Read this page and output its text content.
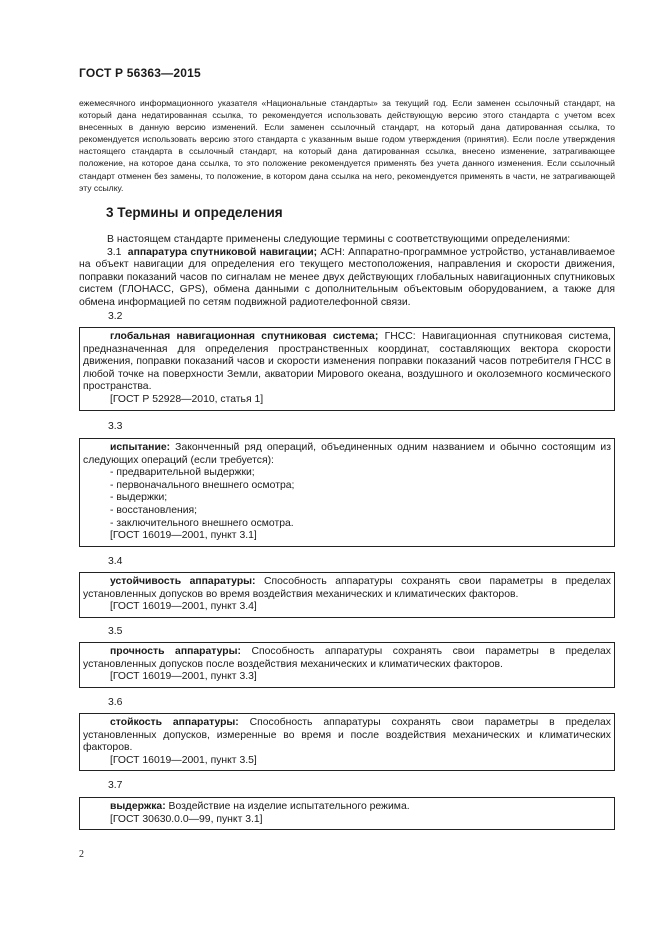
ГОСТ Р 56363—2015

ежемесячного информационного указателя «Национальные стандарты» за текущий год. Если заменен ссылочный стандарт, на который дана недатированная ссылка, то рекомендуется использовать действующую версию этого стандарта с учетом всех внесенных в данную версию изменений. Если заменен ссылочный стандарт, на который дана датированная ссылка, то рекомендуется использовать версию этого стандарта с указанным выше годом утверждения (принятия). Если после утверждения настоящего стандарта в ссылочный стандарт, на который дана датированная ссылка, внесено изменение, затрагивающее положение, на которое дана ссылка, то это положение рекомендуется применять без учета данного изменения. Если ссылочный стандарт отменен без замены, то положение, в котором дана ссылка на него, рекомендуется применять в части, не затрагивающей эту ссылку.

3 Термины и определения

В настоящем стандарте применены следующие термины с соответствующими определениями:

3.1 аппаратура спутниковой навигации; АСН: Аппаратно-программное устройство, устанавливаемое на объект навигации для определения его текущего местоположения, направления и скорости движения, поправки показаний часов по сигналам не менее двух действующих глобальных навигационных спутниковых систем (ГЛОНАСС, GPS), обмена данными с дополнительным объектовым оборудованием, а также для обмена информацией по сетям подвижной радиотелефонной связи.

3.2

глобальная навигационная спутниковая система; ГНСС: Навигационная спутниковая система, предназначенная для определения пространственных координат, составляющих вектора скорости движения, поправки показаний часов и скорости изменения поправки показаний часов потребителя ГНСС в любой точке на поверхности Земли, акватории Мирового океана, воздушного и околоземного космического пространства.

[ГОСТ Р 52928—2010, статья 1]

3.3

испытание: Законченный ряд операций, объединенных одним названием и обычно состоящим из следующих операций (если требуется):

- предварительной выдержки;
- первоначального внешнего осмотра;
- выдержки;
- восстановления;
- заключительного внешнего осмотра.

[ГОСТ 16019—2001, пункт 3.1]

3.4

устойчивость аппаратуры: Способность аппаратуры сохранять свои параметры в пределах установленных допусков во время воздействия механических и климатических факторов.

[ГОСТ 16019—2001, пункт 3.4]

3.5

прочность аппаратуры: Способность аппаратуры сохранять свои параметры в пределах установленных допусков после воздействия механических и климатических факторов.

[ГОСТ 16019—2001, пункт 3.3]

3.6

стойкость аппаратуры: Способность аппаратуры сохранять свои параметры в пределах установленных допусков, измеренные во время и после воздействия механических и климатических факторов.

[ГОСТ 16019—2001, пункт 3.5]

3.7

выдержка: Воздействие на изделие испытательного режима.

[ГОСТ 30630.0.0—99, пункт 3.1]

2
